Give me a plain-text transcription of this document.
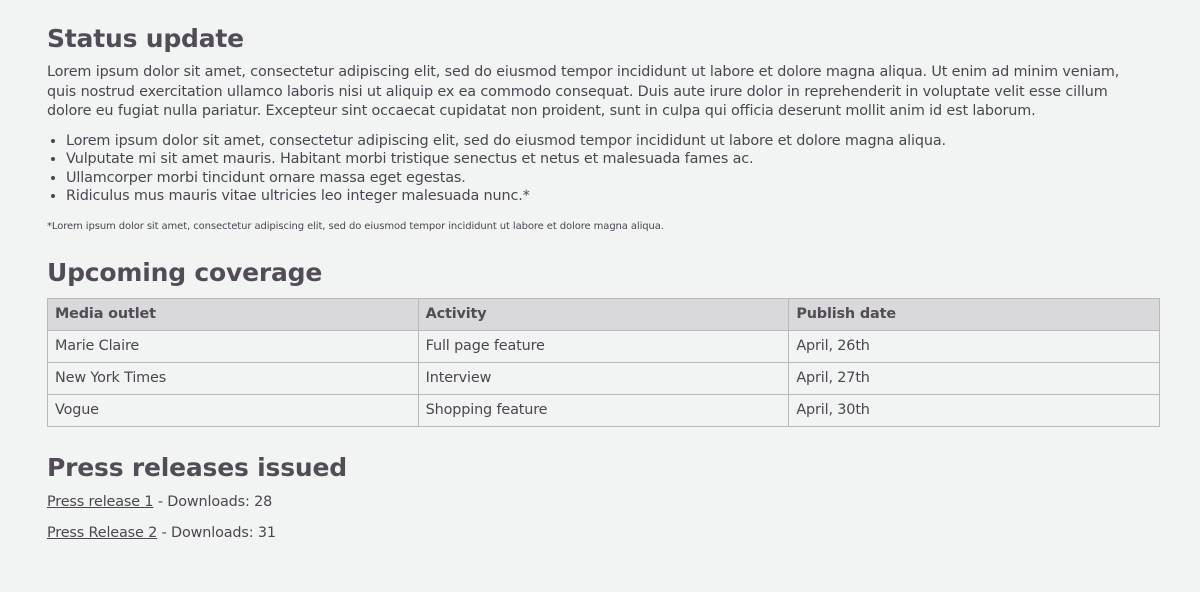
Status update

Lorem ipsum dolor sit amet, consectetur adipiscing elit, sed do eiusmod tempor incididunt ut labore et dolore magna aliqua. Ut enim ad minim veniam, quis nostrud exercitation ullamco laboris nisi ut aliquip ex ea commodo consequat. Duis aute irure dolor in reprehenderit in voluptate velit esse cillum dolore eu fugiat nulla pariatur. Excepteur sint occaecat cupidatat non proident, sunt in culpa qui officia deserunt mollit anim id est laborum.

• Lorem ipsum dolor sit amet, consectetur adipiscing elit, sed do eiusmod tempor incididunt ut labore et dolore magna aliqua.
• Vulputate mi sit amet mauris. Habitant morbi tristique senectus et netus et malesuada fames ac.
• Ullamcorper morbi tincidunt ornare massa eget egestas.
• Ridiculus mus mauris vitae ultricies leo integer malesuada nunc.*

*Lorem ipsum dolor sit amet, consectetur adipiscing elit, sed do eiusmod tempor incididunt ut labore et dolore magna aliqua.

Upcoming coverage
Media outlet	Activity	Publish date
Marie Claire	Full page feature	April, 26th
New York Times	Interview	April, 27th
Vogue	Shopping feature	April, 30th
Press releases issued

Press release 1 - Downloads: 28

Press Release 2 - Downloads: 31
